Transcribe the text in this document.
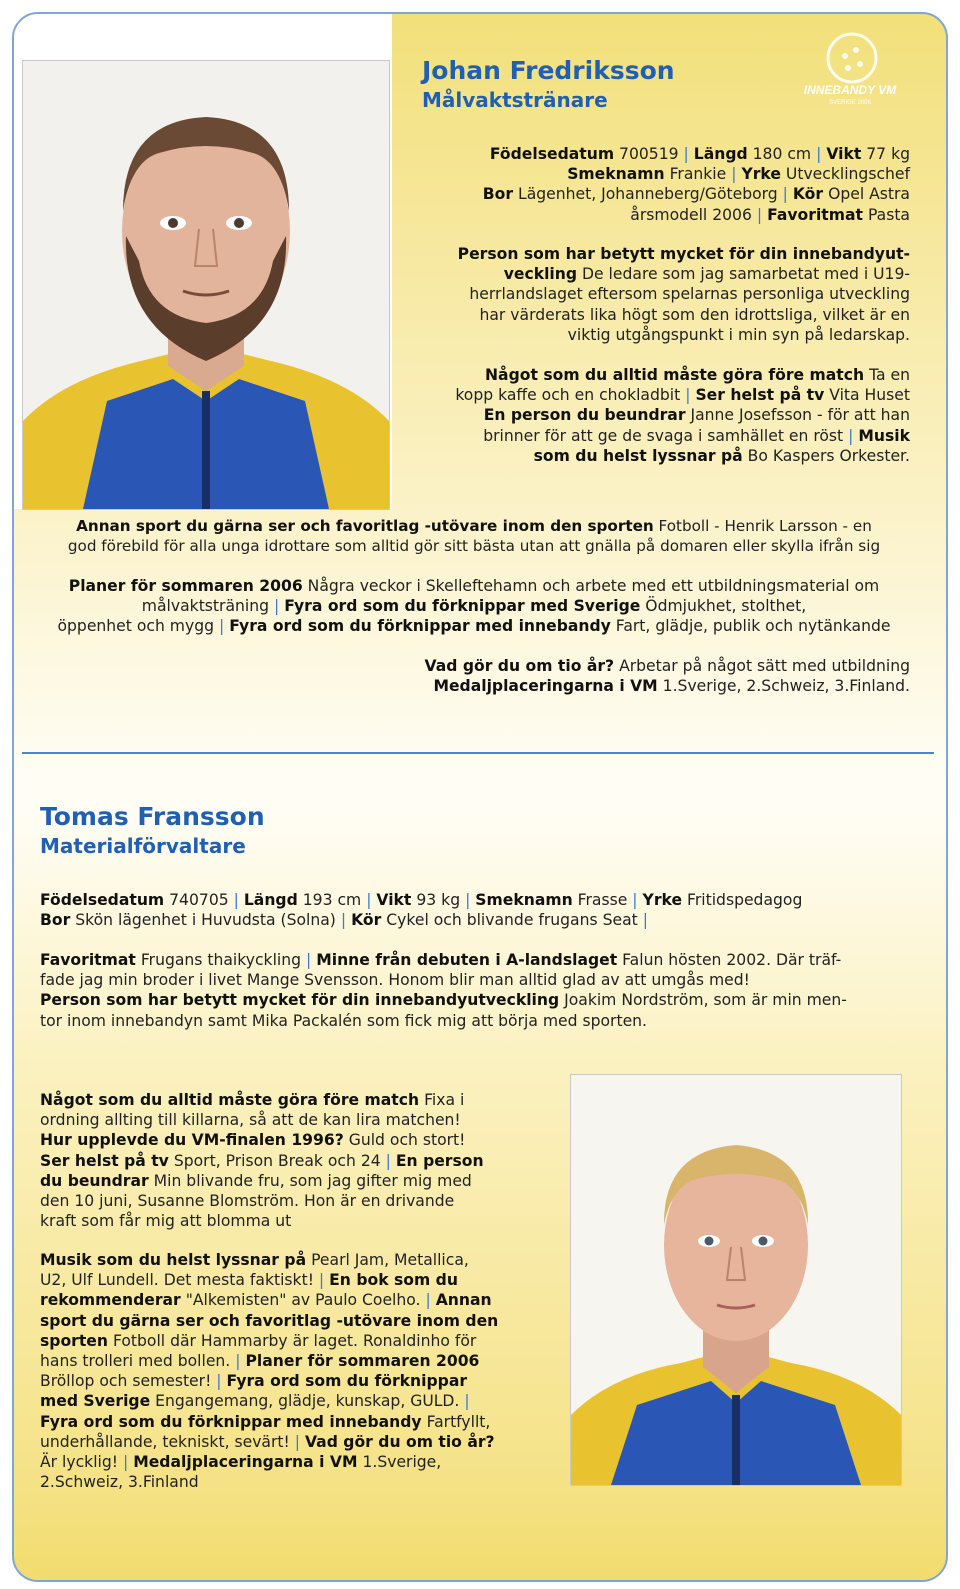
INNEBANDY VM
SVERIGE 2006
Johan Fredriksson
Målvaktstränare
Födelsedatum 700519 | Längd 180 cm | Vikt 77 kg
Smeknamn Frankie | Yrke Utvecklingschef
Bor Lägenhet, Johanneberg/Göteborg | Kör Opel Astra
årsmodell 2006 | Favoritmat Pasta
Person som har betytt mycket för din innebandyut-
veckling De ledare som jag samarbetat med i U19-
herrlandslaget eftersom spelarnas personliga utveckling
har värderats lika högt som den idrottsliga, vilket är en
viktig utgångspunkt i min syn på ledarskap.
Något som du alltid måste göra före match Ta en
kopp kaffe och en chokladbit | Ser helst på tv Vita Huset
En person du beundrar Janne Josefsson - för att han
brinner för att ge de svaga i samhället en röst | Musik
som du helst lyssnar på Bo Kaspers Orkester.
Annan sport du gärna ser och favoritlag -utövare inom den sporten Fotboll - Henrik Larsson - en
god förebild för alla unga idrottare som alltid gör sitt bästa utan att gnälla på domaren eller skylla ifrån sig
Planer för sommaren 2006 Några veckor i Skelleftehamn och arbete med ett utbildningsmaterial om
målvaktsträning | Fyra ord som du förknippar med Sverige Ödmjukhet, stolthet,
öppenhet och mygg | Fyra ord som du förknippar med innebandy Fart, glädje, publik och nytänkande
Vad gör du om tio år? Arbetar på något sätt med utbildning
Medaljplaceringarna i VM 1.Sverige, 2.Schweiz, 3.Finland.
Tomas Fransson
Materialförvaltare
Födelsedatum 740705 | Längd 193 cm | Vikt 93 kg | Smeknamn Frasse | Yrke Fritidspedagog
Bor Skön lägenhet i Huvudsta (Solna) | Kör Cykel och blivande frugans Seat |
Favoritmat Frugans thaikyckling | Minne från debuten i A-landslaget Falun hösten 2002. Där träf-
fade jag min broder i livet Mange Svensson. Honom blir man alltid glad av att umgås med!
Person som har betytt mycket för din innebandyutveckling Joakim Nordström, som är min men-
tor inom innebandyn samt Mika Packalén som fick mig att börja med sporten.
Något som du alltid måste göra före match Fixa i
ordning allting till killarna, så att de kan lira matchen!
Hur upplevde du VM-finalen 1996? Guld och stort!
Ser helst på tv Sport, Prison Break och 24 | En person
du beundrar Min blivande fru, som jag gifter mig med
den 10 juni, Susanne Blomström. Hon är en drivande
kraft som får mig att blomma ut
Musik som du helst lyssnar på Pearl Jam, Metallica,
U2, Ulf Lundell. Det mesta faktiskt! | En bok som du
rekommenderar "Alkemisten" av Paulo Coelho. | Annan
sport du gärna ser och favoritlag -utövare inom den
sporten Fotboll där Hammarby är laget. Ronaldinho för
hans trolleri med bollen. | Planer för sommaren 2006
Bröllop och semester! | Fyra ord som du förknippar
med Sverige Engangemang, glädje, kunskap, GULD. |
Fyra ord som du förknippar med innebandy Fartfyllt,
underhållande, tekniskt, sevärt! | Vad gör du om tio år?
Är lycklig! | Medaljplaceringarna i VM 1.Sverige,
2.Schweiz, 3.Finland
